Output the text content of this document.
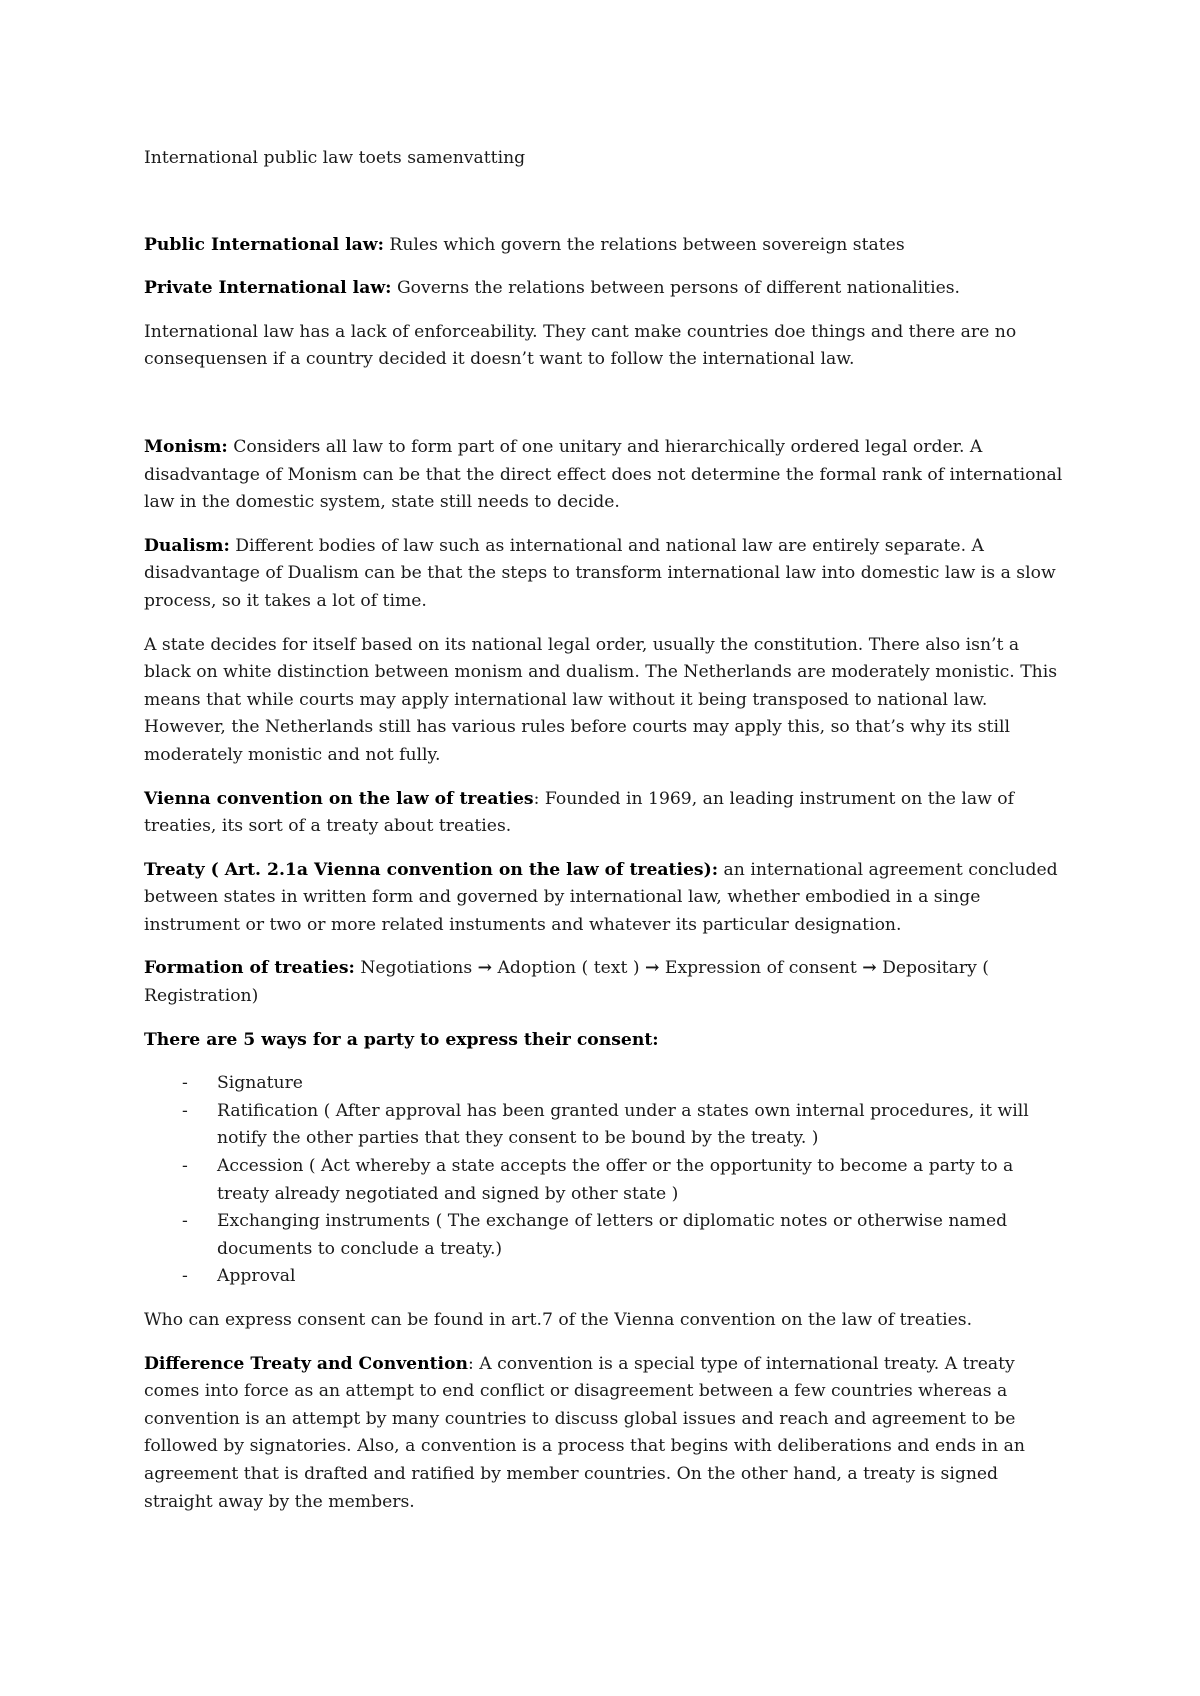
International public law toets samenvatting

Public International law: Rules which govern the relations between sovereign states

Private International law: Governs the relations between persons of different nationalities.

International law has a lack of enforceability. They cant make countries doe things and there are no consequensen if a country decided it doesn’t want to follow the international law.

Monism: Considers all law to form part of one unitary and hierarchically ordered legal order. A disadvantage of Monism can be that the direct effect does not determine the formal rank of international law in the domestic system, state still needs to decide.

Dualism: Different bodies of law such as international and national law are entirely separate. A disadvantage of Dualism can be that the steps to transform international law into domestic law is a slow process, so it takes a lot of time.

A state decides for itself based on its national legal order, usually the constitution. There also isn’t a black on white distinction between monism and dualism. The Netherlands are moderately monistic. This means that while courts may apply international law without it being transposed to national law. However, the Netherlands still has various rules before courts may apply this, so that’s why its still moderately monistic and not fully.

Vienna convention on the law of treaties: Founded in 1969, an leading instrument on the law of treaties, its sort of a treaty about treaties.

Treaty ( Art. 2.1a Vienna convention on the law of treaties): an international agreement concluded between states in written form and governed by international law, whether embodied in a singe instrument or two or more related instuments and whatever its particular designation.

Formation of treaties: Negotiations → Adoption ( text ) → Expression of consent → Depositary ( Registration)

There are 5 ways for a party to express their consent:

- Signature
- Ratification ( After approval has been granted under a states own internal procedures, it will notify the other parties that they consent to be bound by the treaty. )
- Accession ( Act whereby a state accepts the offer or the opportunity to become a party to a treaty already negotiated and signed by other state )
- Exchanging instruments ( The exchange of letters or diplomatic notes or otherwise named documents to conclude a treaty.)
- Approval

Who can express consent can be found in art.7 of the Vienna convention on the law of treaties.

Difference Treaty and Convention: A convention is a special type of international treaty. A treaty comes into force as an attempt to end conflict or disagreement between a few countries whereas a convention is an attempt by many countries to discuss global issues and reach and agreement to be followed by signatories. Also, a convention is a process that begins with deliberations and ends in an agreement that is drafted and ratified by member countries. On the other hand, a treaty is signed straight away by the members.
